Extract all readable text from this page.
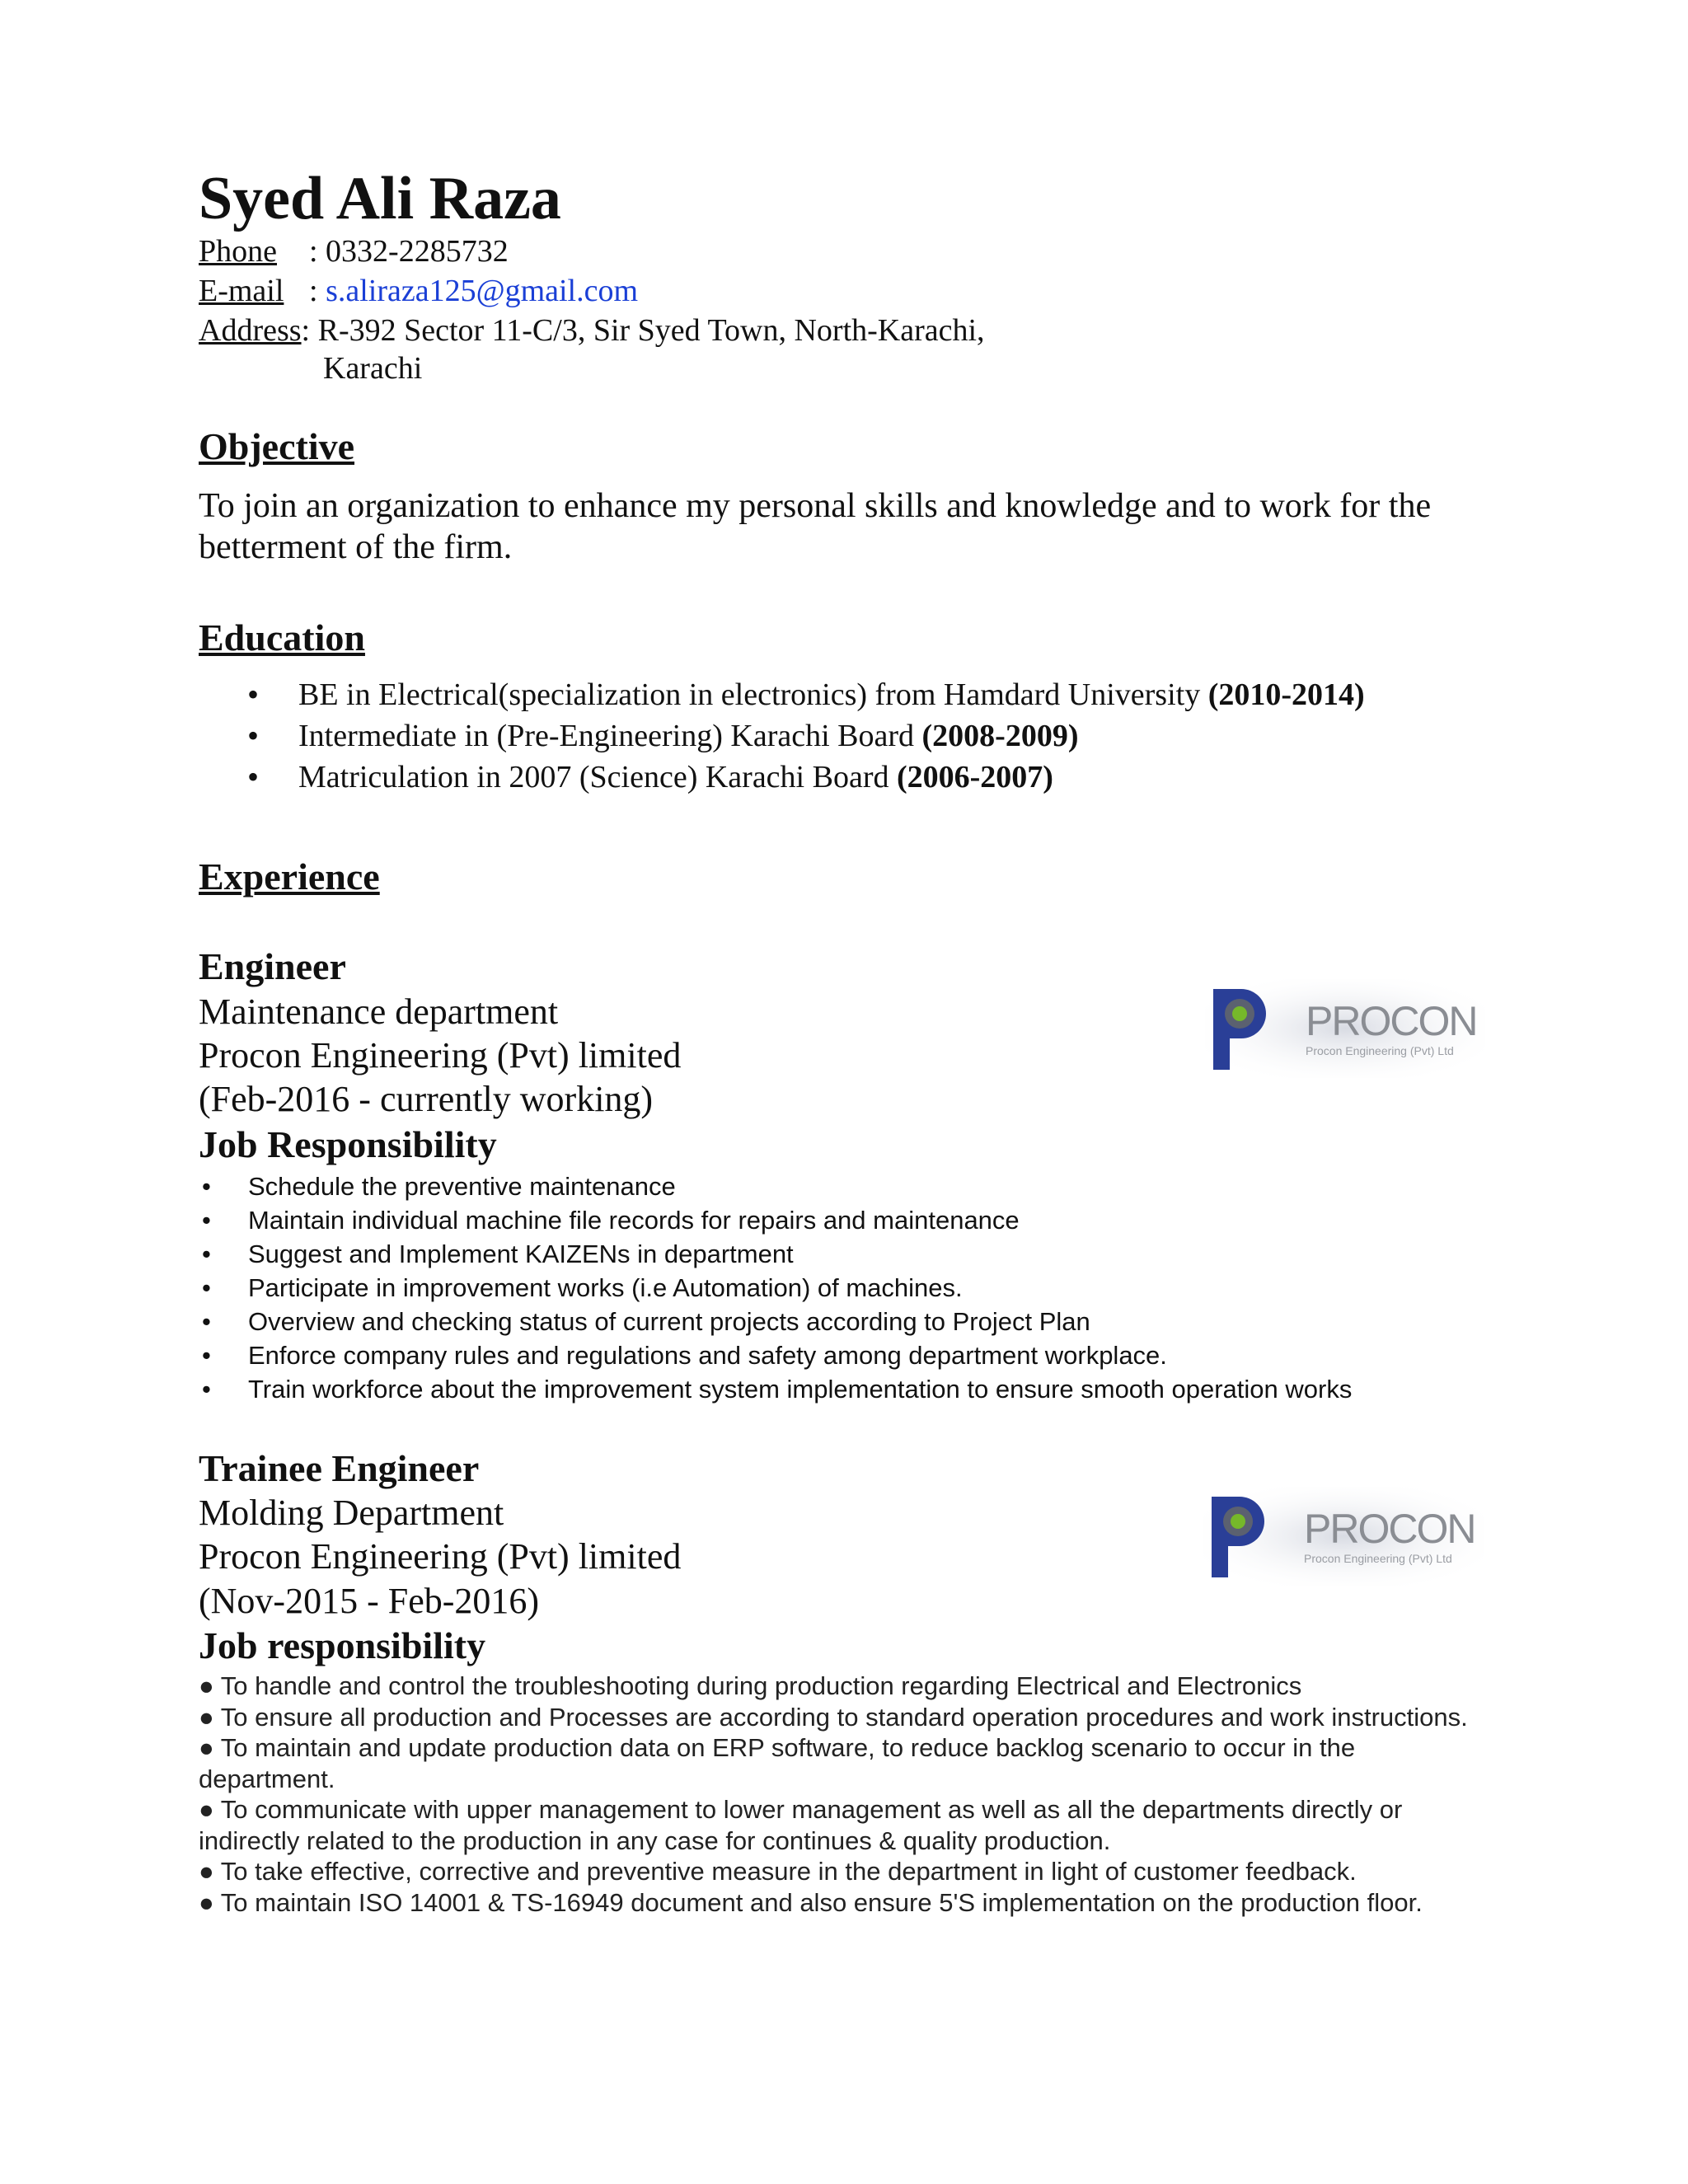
Syed Ali Raza
Phone : 0332-2285732
E-mail : s.aliraza125@gmail.com
Address: R-392 Sector 11-C/3, Sir Syed Town, North-Karachi,
Karachi
Objective
To join an organization to enhance my personal skills and knowledge and to work for the betterment of the firm.
Education
• BE in Electrical(specialization in electronics) from Hamdard University (2010-2014)
• Intermediate in (Pre-Engineering) Karachi Board (2008-2009)
• Matriculation in 2007 (Science) Karachi Board (2006-2007)
Experience
Engineer
Maintenance department
Procon Engineering (Pvt) limited
(Feb-2016 - currently working)
Job Responsibility
PROCON
Procon Engineering (Pvt) Ltd
• Schedule the preventive maintenance
• Maintain individual machine file records for repairs and maintenance
• Suggest and Implement KAIZENs in department
• Participate in improvement works (i.e Automation) of machines.
• Overview and checking status of current projects according to Project Plan
• Enforce company rules and regulations and safety among department workplace.
• Train workforce about the improvement system implementation to ensure smooth operation works
Trainee Engineer
Molding Department
Procon Engineering (Pvt) limited
(Nov-2015 - Feb-2016)
Job responsibility
PROCON
Procon Engineering (Pvt) Ltd

● To handle and control the troubleshooting during production regarding Electrical and Electronics

● To ensure all production and Processes are according to standard operation procedures and work instructions.

● To maintain and update production data on ERP software, to reduce backlog scenario to occur in the department.

● To communicate with upper management to lower management as well as all the departments directly or indirectly related to the production in any case for continues & quality production.

● To take effective, corrective and preventive measure in the department in light of customer feedback.

● To maintain ISO 14001 & TS-16949 document and also ensure 5'S implementation on the production floor.
